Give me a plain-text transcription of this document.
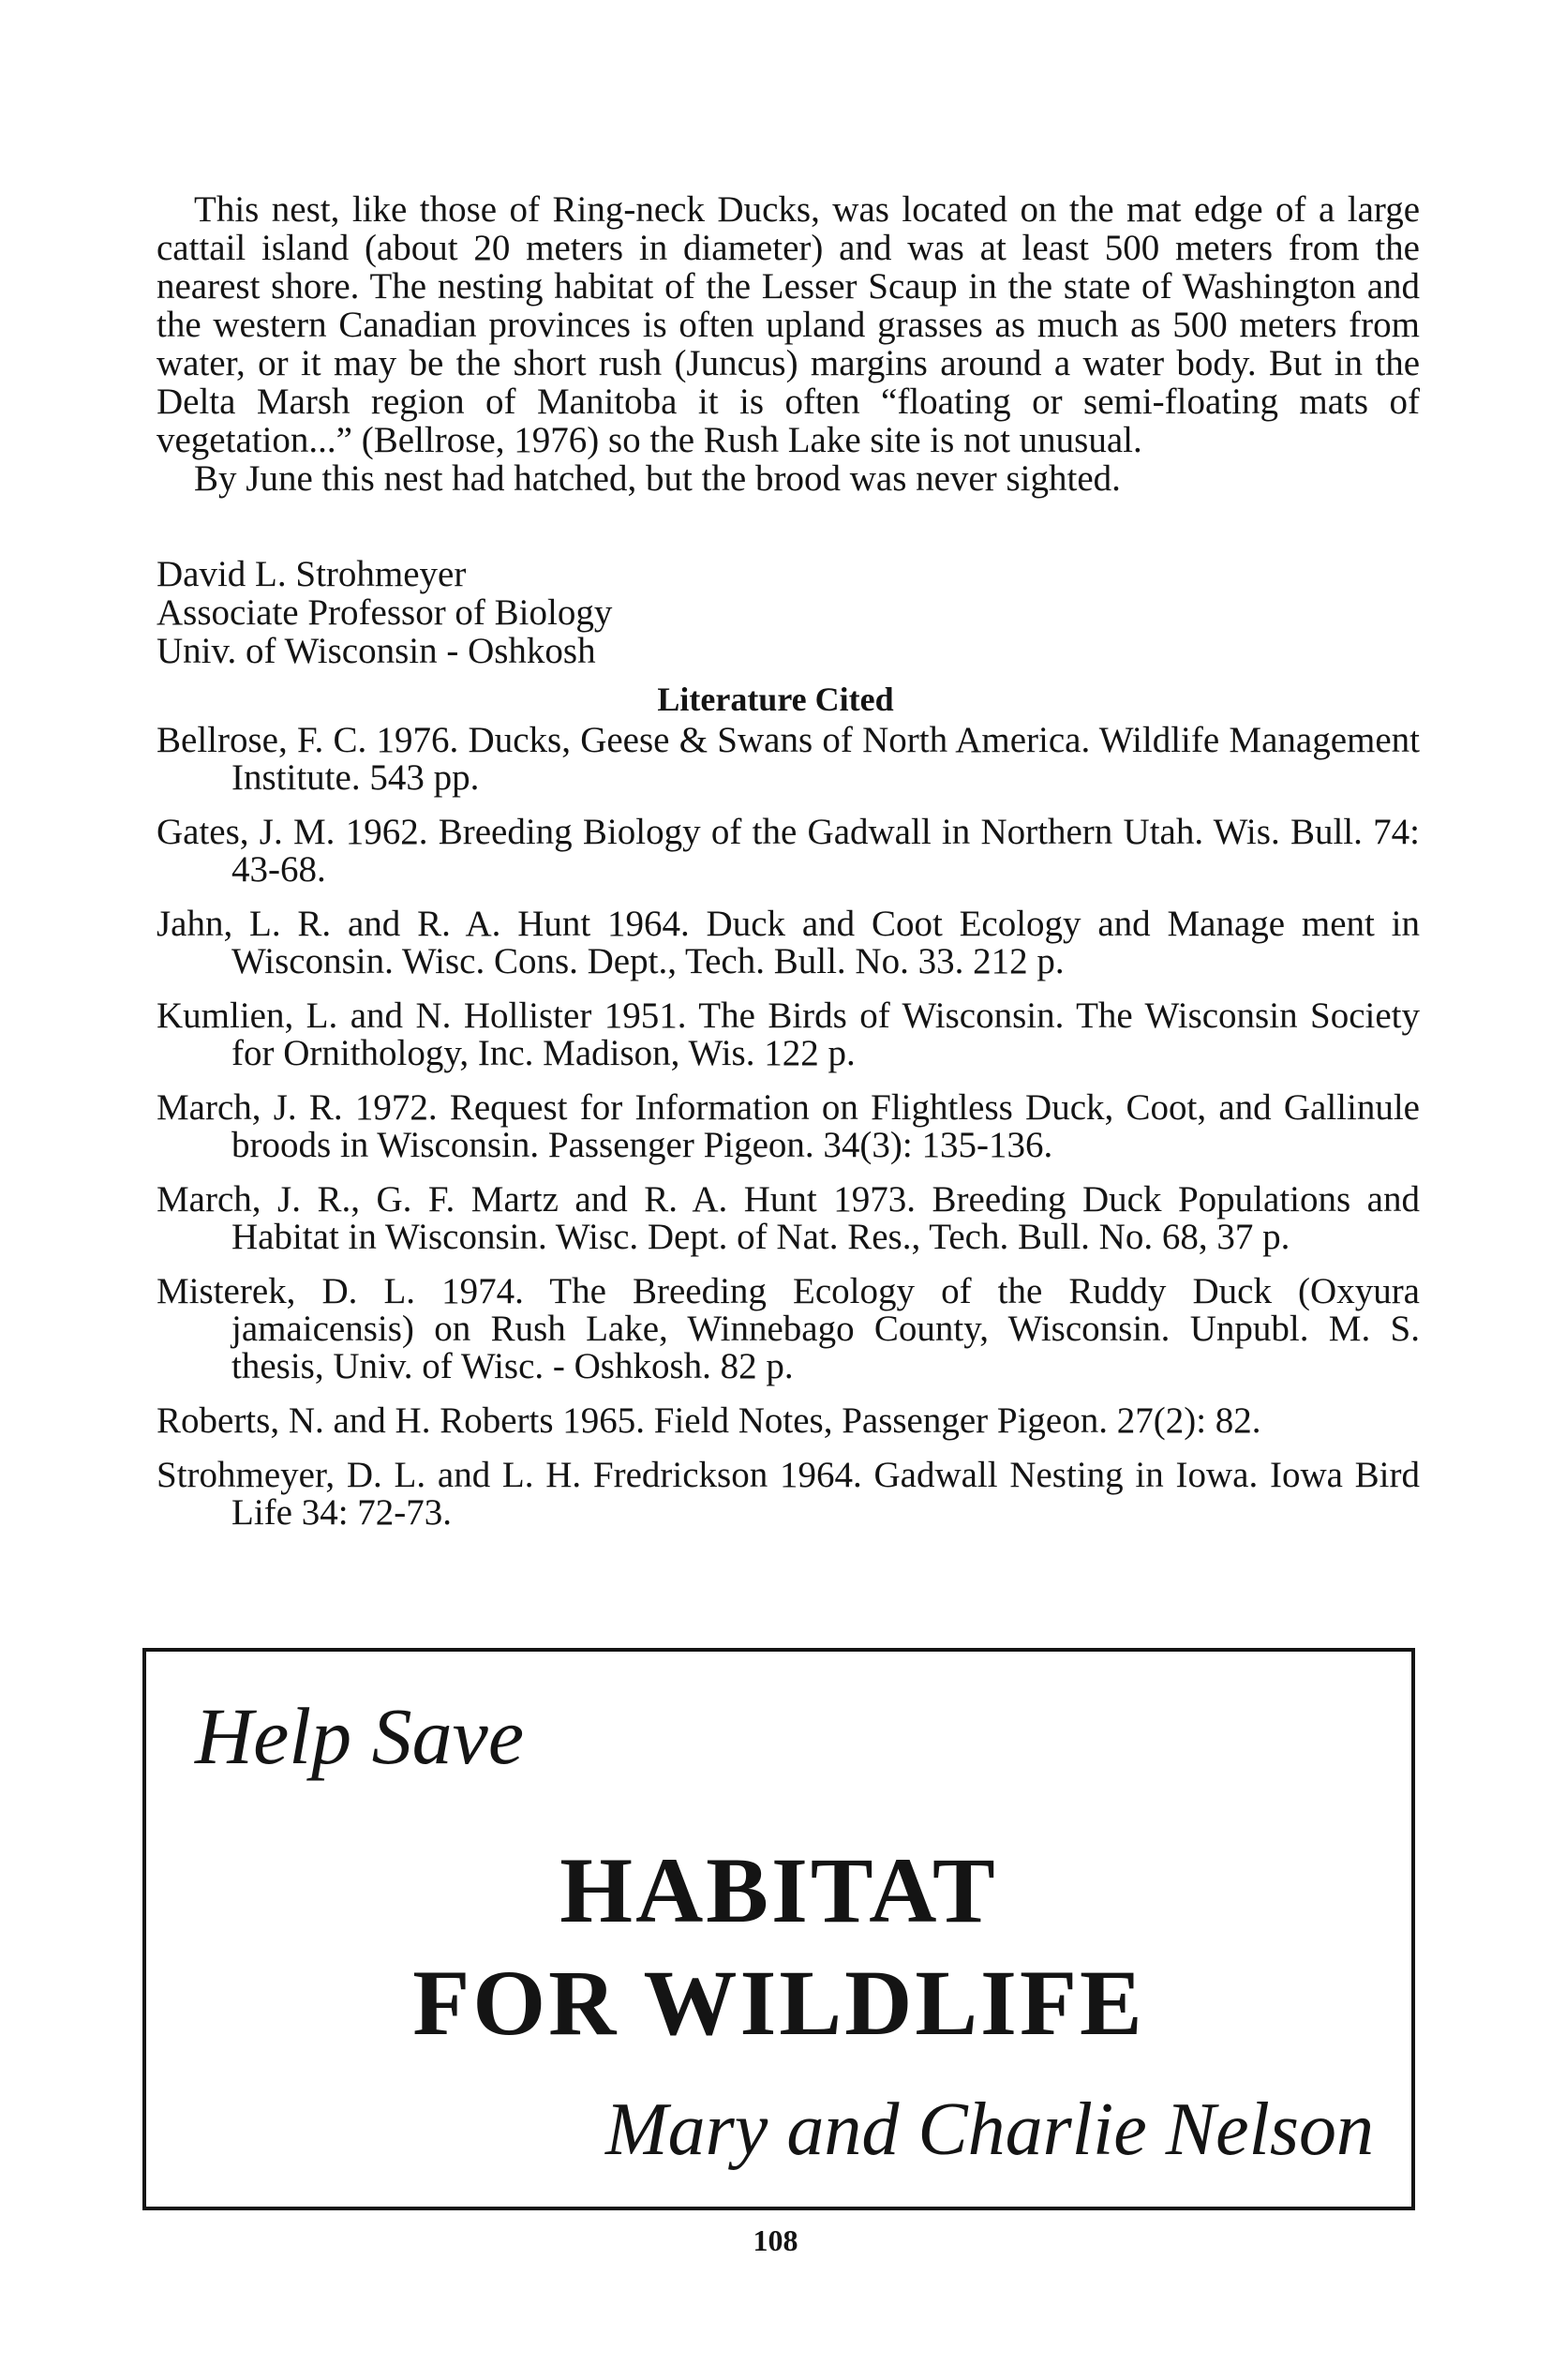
This nest, like those of Ring-neck Ducks, was located on the mat edge of a large cattail island (about 20 meters in diameter) and was at least 500 meters from the nearest shore. The nesting habitat of the Lesser Scaup in the state of Washington and the western Canadian provinces is often upland grasses as much as 500 meters from water, or it may be the short rush (Juncus) margins around a water body. But in the Delta Marsh region of Manitoba it is often “floating or semi-floating mats of vegetation...” (Bellrose, 1976) so the Rush Lake site is not unusual.

By June this nest had hatched, but the brood was never sighted.

David L. Strohmeyer
Associate Professor of Biology
Univ. of Wisconsin - Oshkosh
Literature Cited

Bellrose, F. C. 1976. Ducks, Geese & Swans of North America. Wildlife Management Institute. 543 pp.

Gates, J. M. 1962. Breeding Biology of the Gadwall in Northern Utah. Wis. Bull. 74: 43-68.

Jahn, L. R. and R. A. Hunt 1964. Duck and Coot Ecology and Manage ment in Wisconsin. Wisc. Cons. Dept., Tech. Bull. No. 33. 212 p.

Kumlien, L. and N. Hollister 1951. The Birds of Wisconsin. The Wisconsin Society for Ornithology, Inc. Madison, Wis. 122 p.

March, J. R. 1972. Request for Information on Flightless Duck, Coot, and Gallinule broods in Wisconsin. Passenger Pigeon. 34(3): 135-136.

March, J. R., G. F. Martz and R. A. Hunt 1973. Breeding Duck Populations and Habitat in Wisconsin. Wisc. Dept. of Nat. Res., Tech. Bull. No. 68, 37 p.

Misterek, D. L. 1974. The Breeding Ecology of the Ruddy Duck (Oxyura jamaicensis) on Rush Lake, Winnebago County, Wisconsin. Unpubl. M. S. thesis, Univ. of Wisc. - Oshkosh. 82 p.

Roberts, N. and H. Roberts 1965. Field Notes, Passenger Pigeon. 27(2): 82.

Strohmeyer, D. L. and L. H. Fredrickson 1964. Gadwall Nesting in Iowa. Iowa Bird Life 34: 72-73.

Help Save
HABITAT
FOR WILDLIFE
Mary and Charlie Nelson
108
